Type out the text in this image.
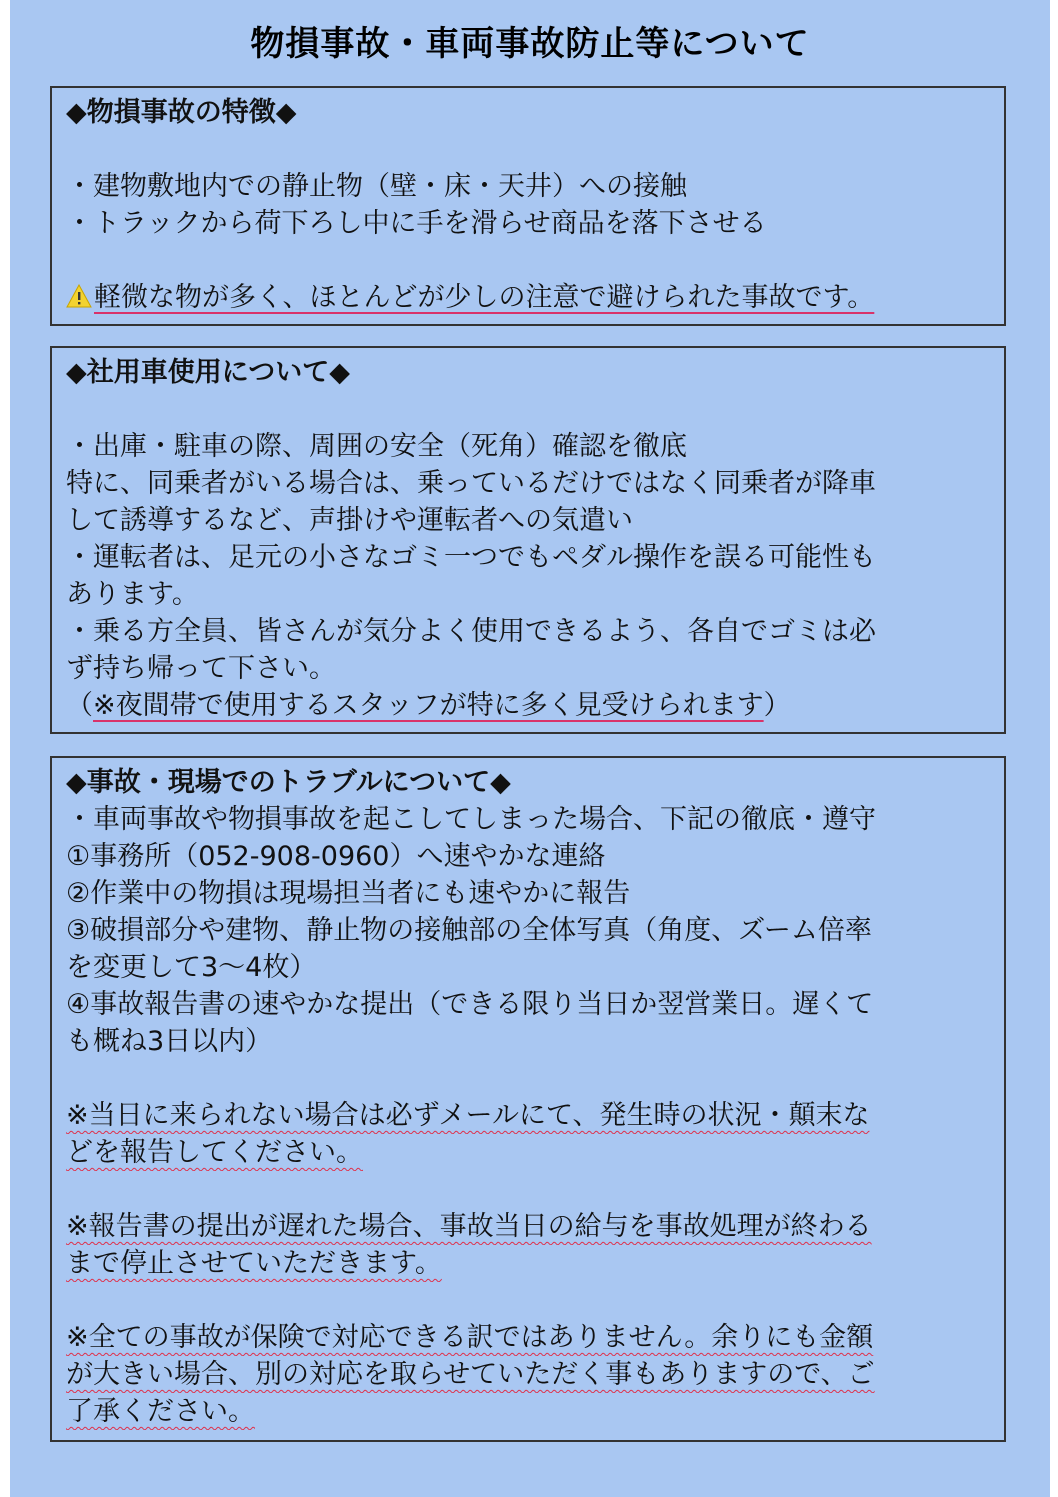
物損事故・車両事故防止等について
◆物損事故の特徴◆
・建物敷地内での静止物（壁・床・天井）への接触
・トラックから荷下ろし中に手を滑らせ商品を落下させる
軽微な物が多く、ほとんどが少しの注意で避けられた事故です。
◆社用車使用について◆
・出庫・駐車の際、周囲の安全（死角）確認を徹底
特に、同乗者がいる場合は、乗っているだけではなく同乗者が降車
して誘導するなど、声掛けや運転者への気遣い
・運転者は、足元の小さなゴミ一つでもペダル操作を誤る可能性も
あります。
・乗る方全員、皆さんが気分よく使用できるよう、各自でゴミは必
ず持ち帰って下さい。
（※夜間帯で使用するスタッフが特に多く見受けられます）
◆事故・現場でのトラブルについて◆
・車両事故や物損事故を起こしてしまった場合、下記の徹底・遵守
①事務所（052-908-0960）へ速やかな連絡
②作業中の物損は現場担当者にも速やかに報告
③破損部分や建物、静止物の接触部の全体写真（角度、ズーム倍率
を変更して3～4枚）
④事故報告書の速やかな提出（できる限り当日か翌営業日。遅くて
も概ね3日以内）
※当日に来られない場合は必ずメールにて、発生時の状況・顛末な
どを報告してください。
※報告書の提出が遅れた場合、事故当日の給与を事故処理が終わる
まで停止させていただきます。
※全ての事故が保険で対応できる訳ではありません。余りにも金額
が大きい場合、別の対応を取らせていただく事もありますので、ご
了承ください。
